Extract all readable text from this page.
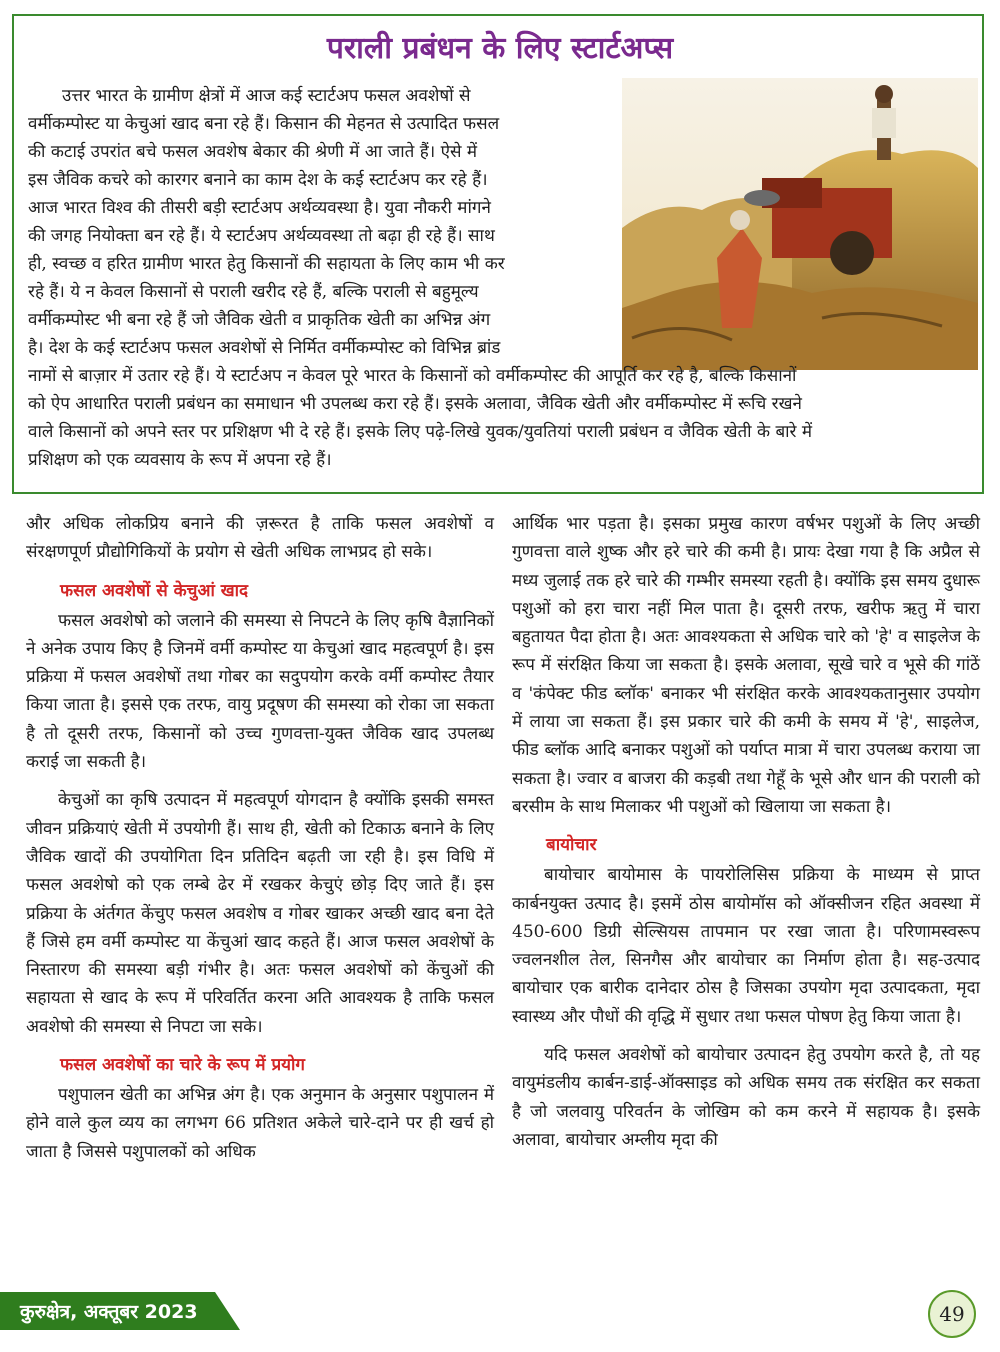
पराली प्रबंधन के लिए स्टार्टअप्स
उत्तर भारत के ग्रामीण क्षेत्रों में आज कई स्टार्टअप फसल अवशेषों से
वर्मीकम्पोस्ट या केचुआं खाद बना रहे हैं। किसान की मेहनत से उत्पादित फसल
की कटाई उपरांत बचे फसल अवशेष बेकार की श्रेणी में आ जाते हैं। ऐसे में
इस जैविक कचरे को कारगर बनाने का काम देश के कई स्टार्टअप कर रहे हैं।
आज भारत विश्व की तीसरी बड़ी स्टार्टअप अर्थव्यवस्था है। युवा नौकरी मांगने
की जगह नियोक्ता बन रहे हैं। ये स्टार्टअप अर्थव्यवस्था तो बढ़ा ही रहे हैं। साथ
ही, स्वच्छ व हरित ग्रामीण भारत हेतु किसानों की सहायता के लिए काम भी कर
रहे हैं। ये न केवल किसानों से पराली खरीद रहे हैं, बल्कि पराली से बहुमूल्य
वर्मीकम्पोस्ट भी बना रहे हैं जो जैविक खेती व प्राकृतिक खेती का अभिन्न अंग
है। देश के कई स्टार्टअप फसल अवशेषों से निर्मित वर्मीकम्पोस्ट को विभिन्न ब्रांड
नामों से बाज़ार में उतार रहे हैं। ये स्टार्टअप न केवल पूरे भारत के किसानों को वर्मीकम्पोस्ट की आपूर्ति कर रहे है, बल्कि किसानों
को ऐप आधारित पराली प्रबंधन का समाधान भी उपलब्ध करा रहे हैं। इसके अलावा, जैविक खेती और वर्मीकम्पोस्ट में रूचि रखने
वाले किसानों को अपने स्तर पर प्रशिक्षण भी दे रहे हैं। इसके लिए पढ़े-लिखे युवक/युवतियां पराली प्रबंधन व जैविक खेती के बारे में
प्रशिक्षण को एक व्यवसाय के रूप में अपना रहे हैं।

और अधिक लोकप्रिय बनाने की ज़रूरत है ताकि फसल अवशेषों व संरक्षणपूर्ण प्रौद्योगिकियों के प्रयोग से खेती अधिक लाभप्रद हो सके।

फसल अवशेषों से केचुआं खाद

फसल अवशेषो को जलाने की समस्या से निपटने के लिए कृषि वैज्ञानिकों ने अनेक उपाय किए है जिनमें वर्मी कम्पोस्ट या केचुआं खाद महत्वपूर्ण है। इस प्रक्रिया में फसल अवशेषों तथा गोबर का सदुपयोग करके वर्मी कम्पोस्ट तैयार किया जाता है। इससे एक तरफ, वायु प्रदूषण की समस्या को रोका जा सकता है तो दूसरी तरफ, किसानों को उच्च गुणवत्ता-युक्त जैविक खाद उपलब्ध कराई जा सकती है।

केचुओं का कृषि उत्पादन में महत्वपूर्ण योगदान है क्योंकि इसकी समस्त जीवन प्रक्रियाएं खेती में उपयोगी हैं। साथ ही, खेती को टिकाऊ बनाने के लिए जैविक खादों की उपयोगिता दिन प्रतिदिन बढ़ती जा रही है। इस विधि में फसल अवशेषो को एक लम्बे ढेर में रखकर केचुएं छोड़ दिए जाते हैं। इस प्रक्रिया के अंर्तगत केंचुए फसल अवशेष व गोबर खाकर अच्छी खाद बना देते हैं जिसे हम वर्मी कम्पोस्ट या केंचुआं खाद कहते हैं। आज फसल अवशेषों के निस्तारण की समस्या बड़ी गंभीर है। अतः फसल अवशेषों को केंचुओं की सहायता से खाद के रूप में परिवर्तित करना अति आवश्यक है ताकि फसल अवशेषो की समस्या से निपटा जा सके।

फसल अवशेषों का चारे के रूप में प्रयोग

पशुपालन खेती का अभिन्न अंग है। एक अनुमान के अनुसार पशुपालन में होने वाले कुल व्यय का लगभग 66 प्रतिशत अकेले चारे-दाने पर ही खर्च हो जाता है जिससे पशुपालकों को अधिक

आर्थिक भार पड़ता है। इसका प्रमुख कारण वर्षभर पशुओं के लिए अच्छी गुणवत्ता वाले शुष्क और हरे चारे की कमी है। प्रायः देखा गया है कि अप्रैल से मध्य जुलाई तक हरे चारे की गम्भीर समस्या रहती है। क्योंकि इस समय दुधारू पशुओं को हरा चारा नहीं मिल पाता है। दूसरी तरफ, खरीफ ऋतु में चारा बहुतायत पैदा होता है। अतः आवश्यकता से अधिक चारे को 'हे' व साइलेज के रूप में संरक्षित किया जा सकता है। इसके अलावा, सूखे चारे व भूसे की गांठें व 'कंपेक्ट फीड ब्लॉक' बनाकर भी संरक्षित करके आवश्यकतानुसार उपयोग में लाया जा सकता हैं। इस प्रकार चारे की कमी के समय में 'हे', साइलेज, फीड ब्लॉक आदि बनाकर पशुओं को पर्याप्त मात्रा में चारा उपलब्ध कराया जा सकता है। ज्वार व बाजरा की कड़बी तथा गेहूँ के भूसे और धान की पराली को बरसीम के साथ मिलाकर भी पशुओं को खिलाया जा सकता है।

बायोचार

बायोचार बायोमास के पायरोलिसिस प्रक्रिया के माध्यम से प्राप्त कार्बनयुक्त उत्पाद है। इसमें ठोस बायोमॉस को ऑक्सीजन रहित अवस्था में 450-600 डिग्री सेल्सियस तापमान पर रखा जाता है। परिणामस्वरूप ज्वलनशील तेल, सिनगैस और बायोचार का निर्माण होता है। सह-उत्पाद बायोचार एक बारीक दानेदार ठोस है जिसका उपयोग मृदा उत्पादकता, मृदा स्वास्थ्य और पौधों की वृद्धि में सुधार तथा फसल पोषण हेतु किया जाता है।

यदि फसल अवशेषों को बायोचार उत्पादन हेतु उपयोग करते है, तो यह वायुमंडलीय कार्बन-डाई-ऑक्साइड को अधिक समय तक संरक्षित कर सकता है जो जलवायु परिवर्तन के जोखिम को कम करने में सहायक है। इसके अलावा, बायोचार अम्लीय मृदा की

कुरुक्षेत्र, अक्तूबर 2023	49
